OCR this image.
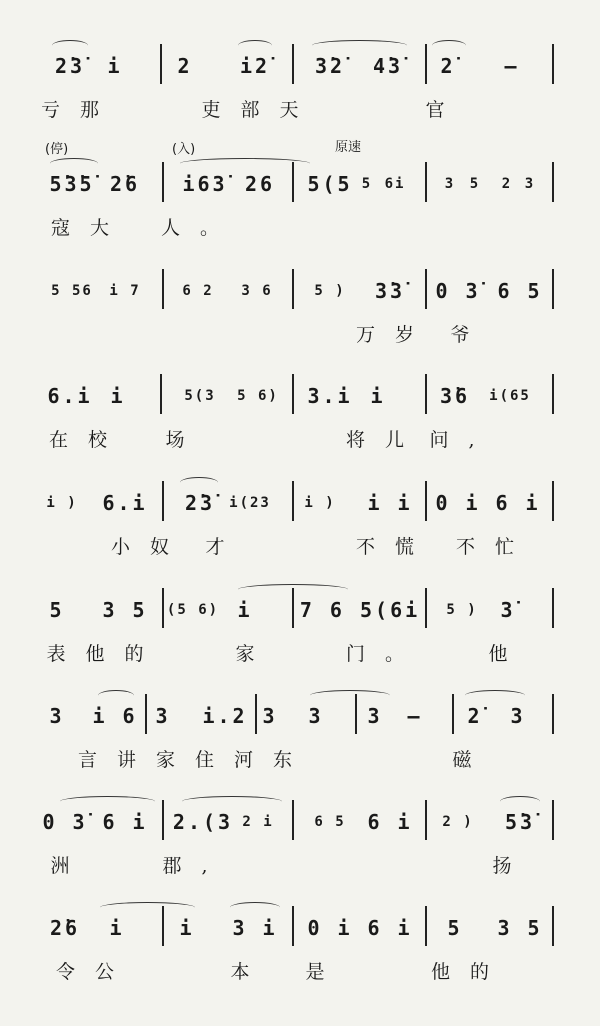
2̇3̇ i	2 i2̇ 3̇2̇ 4̇3̇ 2̇ –
亏那	吏部天	官
(停)	(入)	原速
5̇3̇5̇ 2̇6 i63̇ 26 5(5 5 6i	3 5 2 3
寇大 人。
5 56 i 7	6 2 3 6	5 ) 3̇3̇ 0 3̇ 6 5
万岁 爷
6.i i	5(3 5 6) 3.i i	3̇6 i(65
在校 场	将儿 问,
i ) 6.i 2̇3̇ i(23 i ) i i 0 i 6 i
小奴 才	不慌 不忙
5 3 5 (5 6) i 7 6 5(6i 5 ) 3̇
表他的	家	门。	他
3 i 6 3 i.2 3 3 3 – 2̇ 3
言讲家住河东	磁
0 3̇ 6 i 2.(3 2 i	6 5 6 i 2 ) 5̇3̇
洲	郡,	扬
2̇6 i	i 3 i 0 i 6 i 5 3 5
令公	本 是	他的
